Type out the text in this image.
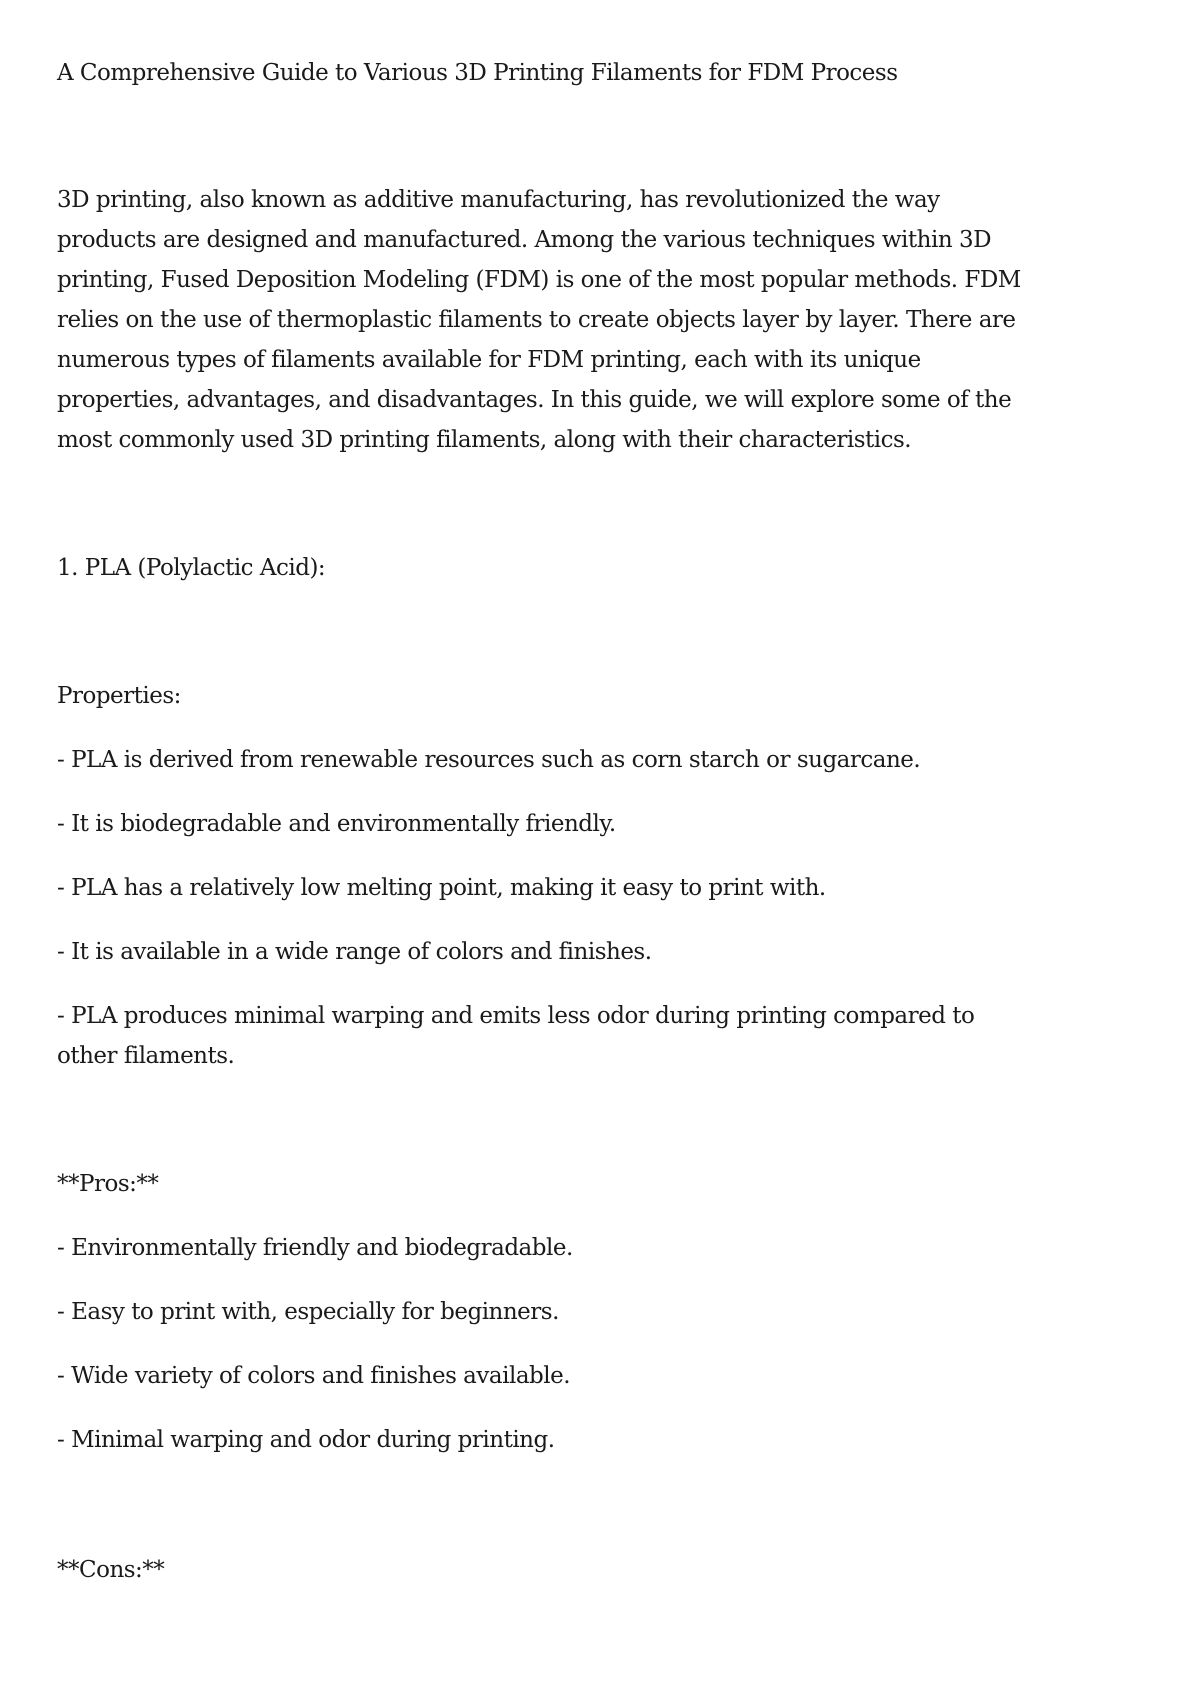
A Comprehensive Guide to Various 3D Printing Filaments for FDM Process
3D printing, also known as additive manufacturing, has revolutionized the way
products are designed and manufactured. Among the various techniques within 3D
printing, Fused Deposition Modeling (FDM) is one of the most popular methods. FDM
relies on the use of thermoplastic filaments to create objects layer by layer. There are
numerous types of filaments available for FDM printing, each with its unique
properties, advantages, and disadvantages. In this guide, we will explore some of the
most commonly used 3D printing filaments, along with their characteristics.
1. PLA (Polylactic Acid):
Properties:
- PLA is derived from renewable resources such as corn starch or sugarcane.
- It is biodegradable and environmentally friendly.
- PLA has a relatively low melting point, making it easy to print with.
- It is available in a wide range of colors and finishes.
- PLA produces minimal warping and emits less odor during printing compared to
other filaments.
**Pros:**
- Environmentally friendly and biodegradable.
- Easy to print with, especially for beginners.
- Wide variety of colors and finishes available.
- Minimal warping and odor during printing.
**Cons:**
